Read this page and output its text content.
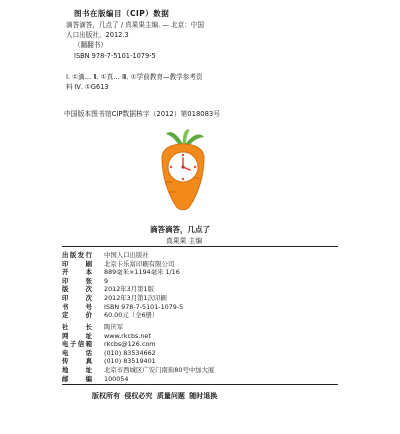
图书在版编目（CIP）数据
滴答滴答，几点了 / 真果果主编. — 北京：中国
人口出版社，2012.3
（翻翻书）
ISBN 978-7-5101-1079-5
Ⅰ. ①滴… Ⅱ. ①真… Ⅲ. ①学前教育—教学参考资
料 Ⅳ. ①G613
中国版本图书馆CIP数据核字（2012）第018083号
滴答滴答，几点了
真果果 主编
出版发行 中国人口出版社
印刷 北京卡乐富印刷有限公司
开本 889毫米×1194毫米 1/16
印张 9
版次 2012年3月第1版
印次 2012年3月第1次印刷
书号 ISBN 978-7-5101-1079-5
定价 60.00元（全6册）
社长 陶庆军
网址 www.rkcbs.net
电子信箱 rkcbs@126.com
电话 (010) 83534662
传真 (010) 83519401
地址 北京市西城区广安门南街80号中加大厦
邮编 100054
版权所有 侵权必究 质量问题 随时退换
